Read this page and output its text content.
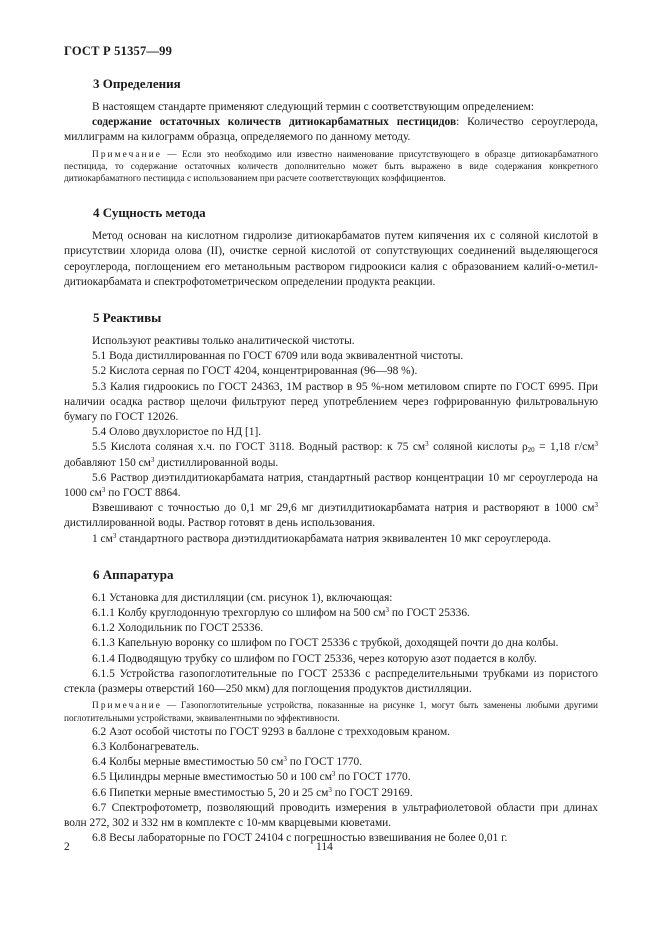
ГОСТ Р 51357—99
3 Определения

В настоящем стандарте применяют следующий термин с соответствующим определением:

содержание остаточных количеств дитиокарбаматных пестицидов: Количество сероуглерода, миллиграмм на килограмм образца, определяемого по данному методу.

Примечание — Если это необходимо или известно наименование присутствующего в образце дитиокарбаматного пестицида, то содержание остаточных количеств дополнительно может быть выражено в виде содержания конкретного дитиокарбаматного пестицида с использованием при расчете соответствующих коэффициентов.

4 Сущность метода

Метод основан на кислотном гидролизе дитиокарбаматов путем кипячения их с соляной кислотой в присутствии хлорида олова (II), очистке серной кислотой от сопутствующих соединений выделяющегося сероуглерода, поглощением его метанольным раствором гидроокиси калия с образованием калий-о-метил-дитиокарбамата и спектрофотометрическом определении продукта реакции.

5 Реактивы

Используют реактивы только аналитической чистоты.

5.1 Вода дистиллированная по ГОСТ 6709 или вода эквивалентной чистоты.

5.2 Кислота серная по ГОСТ 4204, концентрированная (96—98 %).

5.3 Калия гидроокись по ГОСТ 24363, 1М раствор в 95 %-ном метиловом спирте по ГОСТ 6995. При наличии осадка раствор щелочи фильтруют перед употреблением через гофрированную фильтровальную бумагу по ГОСТ 12026.

5.4 Олово двухлористое по НД [1].

5.5 Кислота соляная х.ч. по ГОСТ 3118. Водный раствор: к 75 $см^3$ соляной кислоты $\rho_{20} = 1,18$ $г/см^3$ добавляют 150 $см^3$ дистиллированной воды.

5.6 Раствор диэтилдитиокарбамата натрия, стандартный раствор концентрации 10 мг сероуглерода на 1000 $см^3$ по ГОСТ 8864.

Взвешивают с точностью до 0,1 мг 29,6 мг диэтилдитиокарбамата натрия и растворяют в 1000 $см^3$ дистиллированной воды. Раствор готовят в день использования.

1 $см^3$ стандартного раствора диэтилдитиокарбамата натрия эквивалентен 10 мкг сероуглерода.

6 Аппаратура

6.1 Установка для дистилляции (см. рисунок 1), включающая:

6.1.1 Колбу круглодонную трехгорлую со шлифом на 500 $см^3$ по ГОСТ 25336.

6.1.2 Холодильник по ГОСТ 25336.

6.1.3 Капельную воронку со шлифом по ГОСТ 25336 с трубкой, доходящей почти до дна колбы.

6.1.4 Подводящую трубку со шлифом по ГОСТ 25336, через которую азот подается в колбу.

6.1.5 Устройства газопоглотительные по ГОСТ 25336 с распределительными трубками из пористого стекла (размеры отверстий 160—250 мкм) для поглощения продуктов дистилляции.

Примечание — Газопоглотительные устройства, показанные на рисунке 1, могут быть заменены любыми другими поглотительными устройствами, эквивалентными по эффективности.

6.2 Азот особой чистоты по ГОСТ 9293 в баллоне с трехходовым краном.

6.3 Колбонагреватель.

6.4 Колбы мерные вместимостью 50 $см^3$ по ГОСТ 1770.

6.5 Цилиндры мерные вместимостью 50 и 100 $см^3$ по ГОСТ 1770.

6.6 Пипетки мерные вместимостью 5, 20 и 25 $см^3$ по ГОСТ 29169.

6.7 Спектрофотометр, позволяющий проводить измерения в ультрафиолетовой области при длинах волн 272, 302 и 332 нм в комплекте с 10-мм кварцевыми кюветами.

6.8 Весы лабораторные по ГОСТ 24104 с погрешностью взвешивания не более 0,01 г.

2	114
